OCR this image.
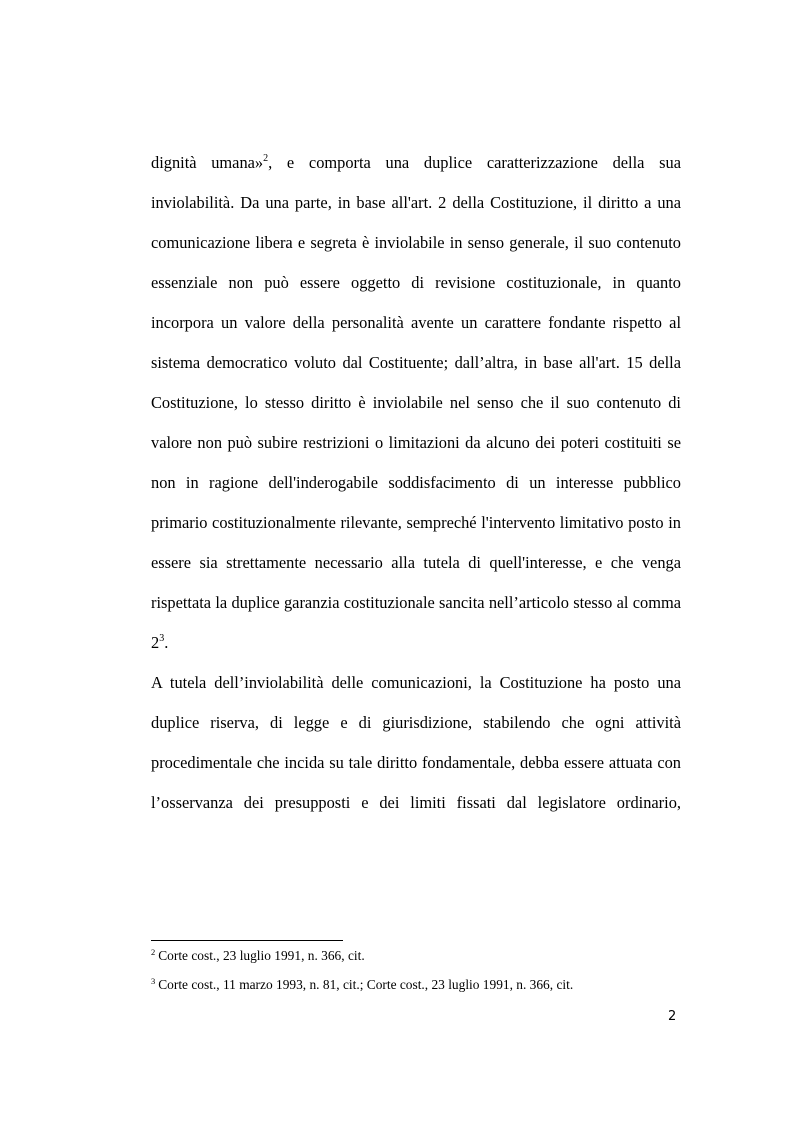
dignità umana»$^2$, e comporta una duplice caratterizzazione della sua inviolabilità. Da una parte, in base all'art. 2 della Costituzione, il diritto a una comunicazione libera e segreta è inviolabile in senso generale, il suo contenuto essenziale non può essere oggetto di revisione costituzionale, in quanto incorpora un valore della personalità avente un carattere fondante rispetto al sistema democratico voluto dal Costituente; dall’altra, in base all'art. 15 della Costituzione, lo stesso diritto è inviolabile nel senso che il suo contenuto di valore non può subire restrizioni o limitazioni da alcuno dei poteri costituiti se non in ragione dell'inderogabile soddisfacimento di un interesse pubblico primario costituzionalmente rilevante, sempreché l'intervento limitativo posto in essere sia strettamente necessario alla tutela di quell'interesse, e che venga rispettata la duplice garanzia costituzionale sancita nell’articolo stesso al comma $2^3$.

A tutela dell’inviolabilità delle comunicazioni, la Costituzione ha posto una duplice riserva, di legge e di giurisdizione, stabilendo che ogni attività procedimentale che incida su tale diritto fondamentale, debba essere attuata con l’osservanza dei presupposti e dei limiti fissati dal legislatore ordinario,

$^2$ Corte cost., 23 luglio 1991, n. 366, cit.

$^3$ Corte cost., 11 marzo 1993, n. 81, cit.; Corte cost., 23 luglio 1991, n. 366, cit.

2
